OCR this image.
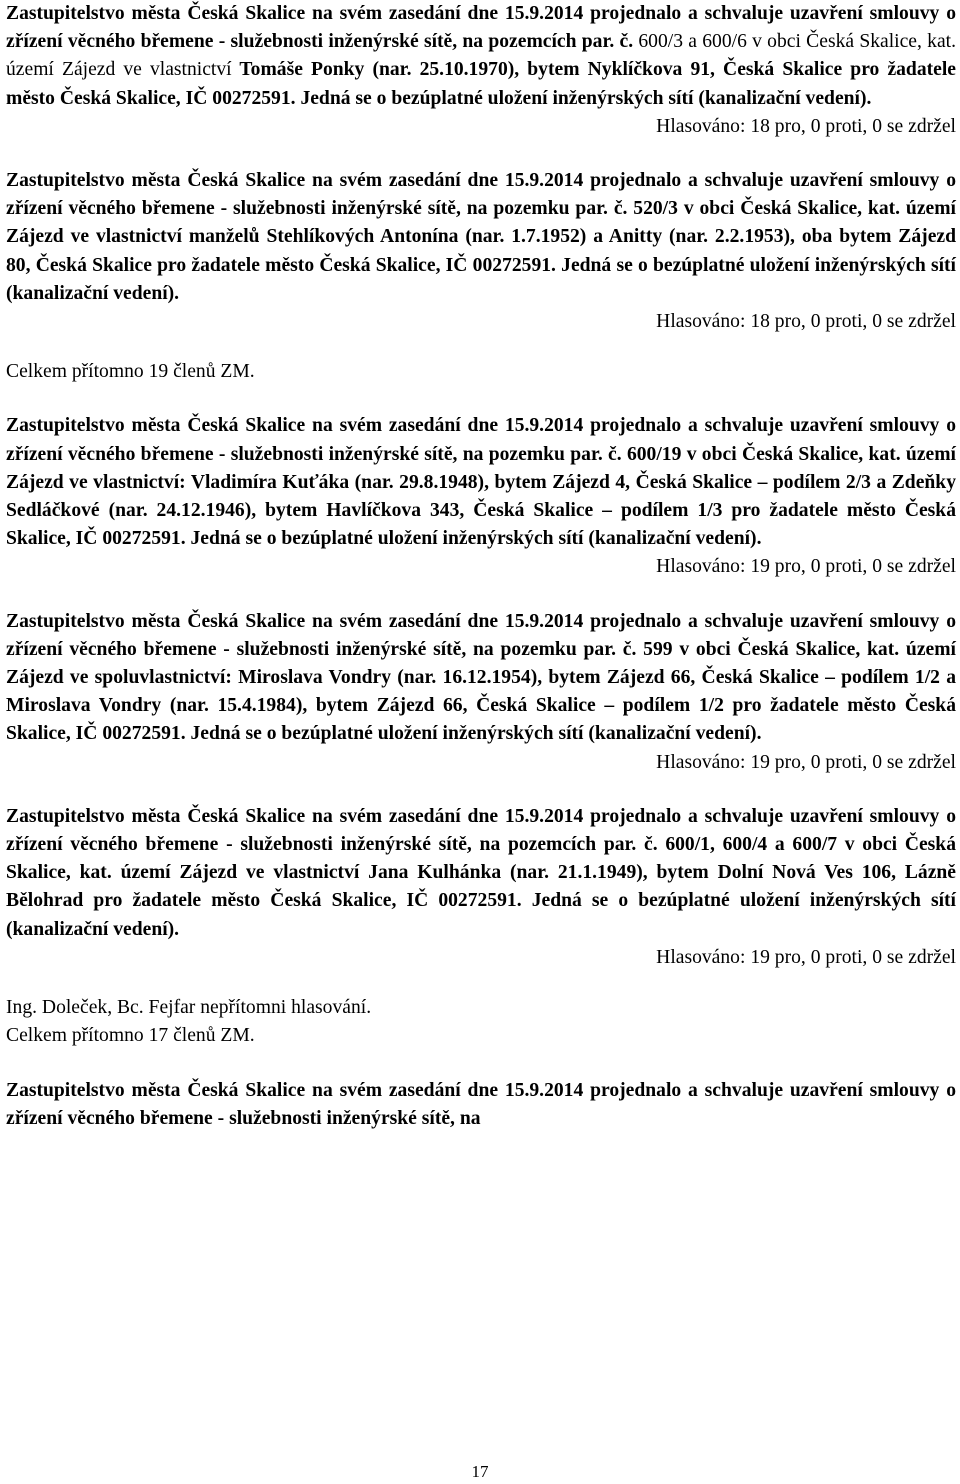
Zastupitelstvo města Česká Skalice na svém zasedání dne 15.9.2014 projednalo a schvaluje uzavření smlouvy o zřízení věcného břemene - služebnosti inženýrské sítě, na pozemcích par. č. 600/3 a 600/6 v obci Česká Skalice, kat. území Zájezd ve vlastnictví Tomáše Ponky (nar. 25.10.1970), bytem Nyklíčkova 91, Česká Skalice pro žadatele město Česká Skalice, IČ 00272591. Jedná se o bezúplatné uložení inženýrských sítí (kanalizační vedení).

Hlasováno: 18 pro, 0 proti, 0 se zdržel

Zastupitelstvo města Česká Skalice na svém zasedání dne 15.9.2014 projednalo a schvaluje uzavření smlouvy o zřízení věcného břemene - služebnosti inženýrské sítě, na pozemku par. č. 520/3 v obci Česká Skalice, kat. území Zájezd ve vlastnictví manželů Stehlíkových Antonína (nar. 1.7.1952) a Anitty (nar. 2.2.1953), oba bytem Zájezd 80, Česká Skalice pro žadatele město Česká Skalice, IČ 00272591. Jedná se o bezúplatné uložení inženýrských sítí (kanalizační vedení).

Hlasováno: 18 pro, 0 proti, 0 se zdržel

Celkem přítomno 19 členů ZM.

Zastupitelstvo města Česká Skalice na svém zasedání dne 15.9.2014 projednalo a schvaluje uzavření smlouvy o zřízení věcného břemene - služebnosti inženýrské sítě, na pozemku par. č. 600/19 v obci Česká Skalice, kat. území Zájezd ve vlastnictví: Vladimíra Kuťáka (nar. 29.8.1948), bytem Zájezd 4, Česká Skalice – podílem 2/3 a Zdeňky Sedláčkové (nar. 24.12.1946), bytem Havlíčkova 343, Česká Skalice – podílem 1/3 pro žadatele město Česká Skalice, IČ 00272591. Jedná se o bezúplatné uložení inženýrských sítí (kanalizační vedení).

Hlasováno: 19 pro, 0 proti, 0 se zdržel

Zastupitelstvo města Česká Skalice na svém zasedání dne 15.9.2014 projednalo a schvaluje uzavření smlouvy o zřízení věcného břemene - služebnosti inženýrské sítě, na pozemku par. č. 599 v obci Česká Skalice, kat. území Zájezd ve spoluvlastnictví: Miroslava Vondry (nar. 16.12.1954), bytem Zájezd 66, Česká Skalice – podílem 1/2 a Miroslava Vondry (nar. 15.4.1984), bytem Zájezd 66, Česká Skalice – podílem 1/2 pro žadatele město Česká Skalice, IČ 00272591. Jedná se o bezúplatné uložení inženýrských sítí (kanalizační vedení).

Hlasováno: 19 pro, 0 proti, 0 se zdržel

Zastupitelstvo města Česká Skalice na svém zasedání dne 15.9.2014 projednalo a schvaluje uzavření smlouvy o zřízení věcného břemene - služebnosti inženýrské sítě, na pozemcích par. č. 600/1, 600/4 a 600/7 v obci Česká Skalice, kat. území Zájezd ve vlastnictví Jana Kulhánka (nar. 21.1.1949), bytem Dolní Nová Ves 106, Lázně Bělohrad pro žadatele město Česká Skalice, IČ 00272591. Jedná se o bezúplatné uložení inženýrských sítí (kanalizační vedení).

Hlasováno: 19 pro, 0 proti, 0 se zdržel

Ing. Doleček, Bc. Fejfar nepřítomni hlasování.

Celkem přítomno 17 členů ZM.

Zastupitelstvo města Česká Skalice na svém zasedání dne 15.9.2014 projednalo a schvaluje uzavření smlouvy o zřízení věcného břemene - služebnosti inženýrské sítě, na

17
